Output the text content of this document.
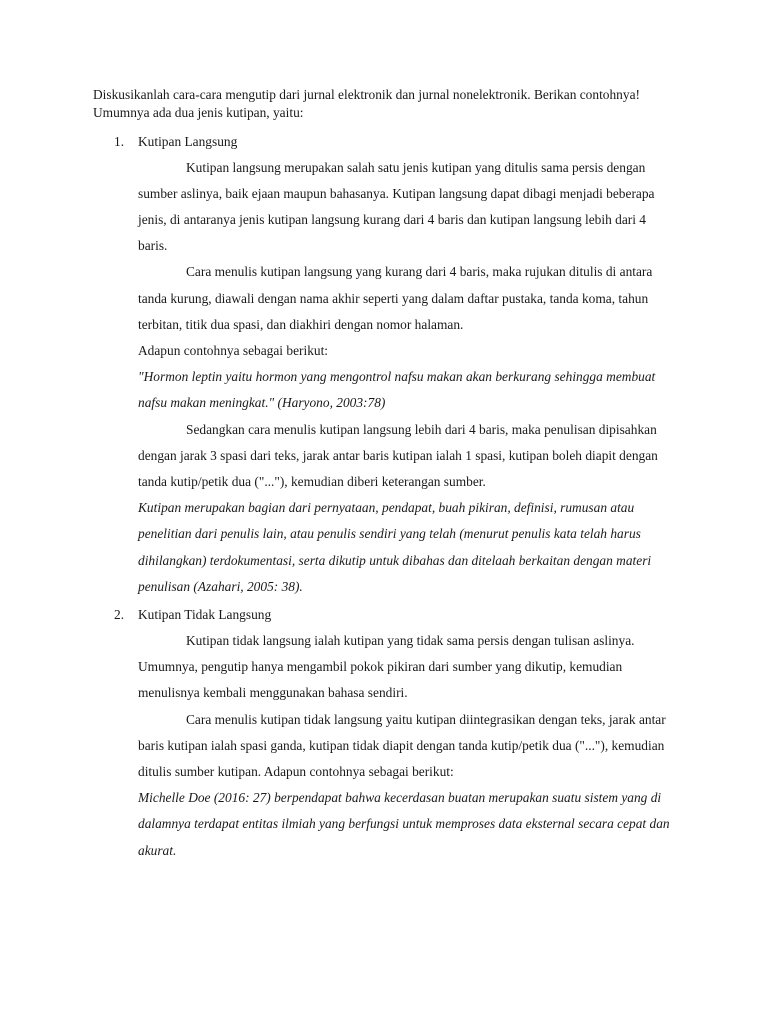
Diskusikanlah cara-cara mengutip dari jurnal elektronik dan jurnal nonelektronik. Berikan contohnya!

Umumnya ada dua jenis kutipan, yaitu:

1. Kutipan Langsung

Kutipan langsung merupakan salah satu jenis kutipan yang ditulis sama persis dengan sumber aslinya, baik ejaan maupun bahasanya. Kutipan langsung dapat dibagi menjadi beberapa jenis, di antaranya jenis kutipan langsung kurang dari 4 baris dan kutipan langsung lebih dari 4 baris.

Cara menulis kutipan langsung yang kurang dari 4 baris, maka rujukan ditulis di antara tanda kurung, diawali dengan nama akhir seperti yang dalam daftar pustaka, tanda koma, tahun terbitan, titik dua spasi, dan diakhiri dengan nomor halaman.

Adapun contohnya sebagai berikut:

"Hormon leptin yaitu hormon yang mengontrol nafsu makan akan berkurang sehingga membuat nafsu makan meningkat." (Haryono, 2003:78)

Sedangkan cara menulis kutipan langsung lebih dari 4 baris, maka penulisan dipisahkan dengan jarak 3 spasi dari teks, jarak antar baris kutipan ialah 1 spasi, kutipan boleh diapit dengan tanda kutip/petik dua ("..."), kemudian diberi keterangan sumber.

Kutipan merupakan bagian dari pernyataan, pendapat, buah pikiran, definisi, rumusan atau penelitian dari penulis lain, atau penulis sendiri yang telah (menurut penulis kata telah harus dihilangkan) terdokumentasi, serta dikutip untuk dibahas dan ditelaah berkaitan dengan materi penulisan (Azahari, 2005: 38).

2. Kutipan Tidak Langsung

Kutipan tidak langsung ialah kutipan yang tidak sama persis dengan tulisan aslinya. Umumnya, pengutip hanya mengambil pokok pikiran dari sumber yang dikutip, kemudian menulisnya kembali menggunakan bahasa sendiri.

Cara menulis kutipan tidak langsung yaitu kutipan diintegrasikan dengan teks, jarak antar baris kutipan ialah spasi ganda, kutipan tidak diapit dengan tanda kutip/petik dua ("..."), kemudian ditulis sumber kutipan. Adapun contohnya sebagai berikut:

Michelle Doe (2016: 27) berpendapat bahwa kecerdasan buatan merupakan suatu sistem yang di dalamnya terdapat entitas ilmiah yang berfungsi untuk memproses data eksternal secara cepat dan akurat.
